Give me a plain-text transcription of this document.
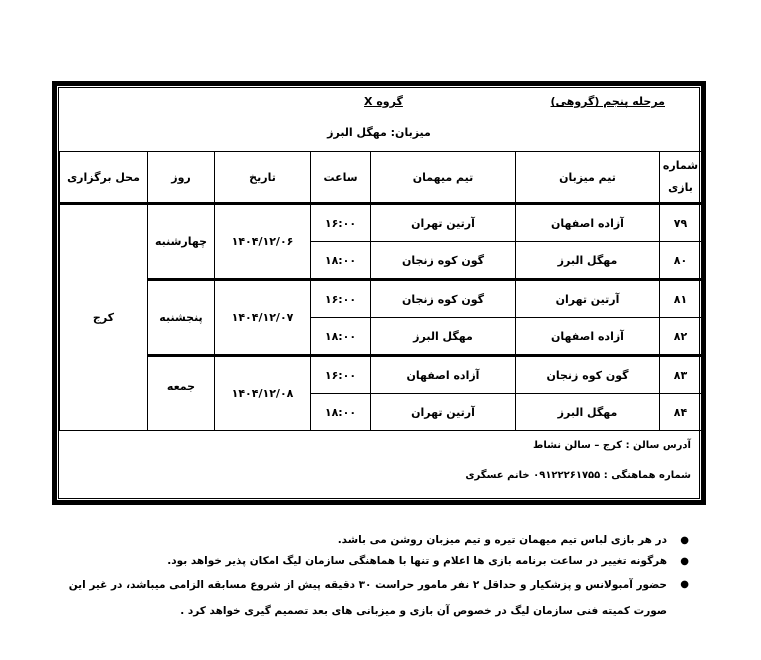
مرحله پنجم (گروهی)
گروه X
میزبان: مهگل البرز
شماره
بازی	تیم میزبان	تیم میهمان	ساعت	تاریخ	روز	محل برگزاری
۷۹	آزاده اصفهان	آرتین تهران	۱۶:۰۰	۱۴۰۴/۱۲/۰۶	چهارشنبه	کرج
۸۰	مهگل البرز	گون کوه زنجان	۱۸:۰۰			
۸۱	آرتین تهران	گون کوه زنجان	۱۶:۰۰	۱۴۰۴/۱۲/۰۷	پنجشنبه	
۸۲	آزاده اصفهان	مهگل البرز	۱۸:۰۰			
۸۳	گون کوه زنجان	آزاده اصفهان	۱۶:۰۰	۱۴۰۴/۱۲/۰۸	جمعه	
۸۴	مهگل البرز	آرتین تهران	۱۸:۰۰			
آدرس سالن : کرج – سالن نشاط
شماره هماهنگی : ۰۹۱۲۲۲۶۱۷۵۵ خانم عسگری
●
در هر بازی لباس تیم میهمان تیره و تیم میزبان روشن می باشد.
●
هرگونه تغییر در ساعت برنامه بازی ها اعلام و تنها با هماهنگی سازمان لیگ امکان پذیر خواهد بود.
●
حضور آمبولانس و پزشکیار و حداقل ۲ نفر مامور حراست ۳۰ دقیقه پیش از شروع مسابقه الزامی میباشد، در غیر این صورت کمیته فنی سازمان لیگ در خصوص آن بازی و میزبانی های بعد تصمیم گیری خواهد کرد .
